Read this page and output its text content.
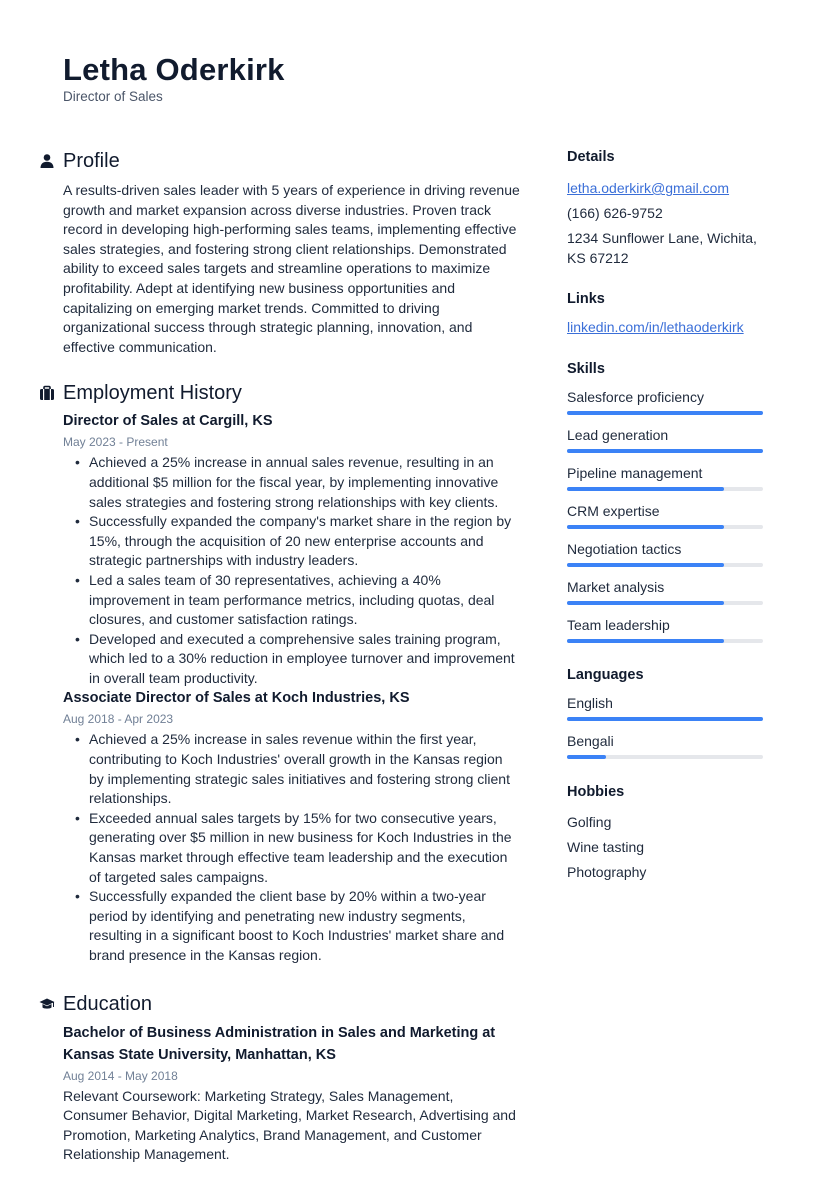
Letha Oderkirk
Director of Sales
Profile
A results-driven sales leader with 5 years of experience in driving revenue growth and market expansion across diverse industries. Proven track record in developing high-performing sales teams, implementing effective sales strategies, and fostering strong client relationships. Demonstrated ability to exceed sales targets and streamline operations to maximize profitability. Adept at identifying new business opportunities and capitalizing on emerging market trends. Committed to driving organizational success through strategic planning, innovation, and effective communication.
Employment History
Director of Sales at Cargill, KS
May 2023 - Present
• Achieved a 25% increase in annual sales revenue, resulting in an additional $5 million for the fiscal year, by implementing innovative sales strategies and fostering strong relationships with key clients.
• Successfully expanded the company's market share in the region by 15%, through the acquisition of 20 new enterprise accounts and strategic partnerships with industry leaders.
• Led a sales team of 30 representatives, achieving a 40% improvement in team performance metrics, including quotas, deal closures, and customer satisfaction ratings.
• Developed and executed a comprehensive sales training program, which led to a 30% reduction in employee turnover and improvement in overall team productivity.
Associate Director of Sales at Koch Industries, KS
Aug 2018 - Apr 2023
• Achieved a 25% increase in sales revenue within the first year, contributing to Koch Industries' overall growth in the Kansas region by implementing strategic sales initiatives and fostering strong client relationships.
• Exceeded annual sales targets by 15% for two consecutive years, generating over $5 million in new business for Koch Industries in the Kansas market through effective team leadership and the execution of targeted sales campaigns.
• Successfully expanded the client base by 20% within a two-year period by identifying and penetrating new industry segments, resulting in a significant boost to Koch Industries' market share and brand presence in the Kansas region.
Education
Bachelor of Business Administration in Sales and Marketing at Kansas State University, Manhattan, KS
Aug 2014 - May 2018
Relevant Coursework: Marketing Strategy, Sales Management, Consumer Behavior, Digital Marketing, Market Research, Advertising and Promotion, Marketing Analytics, Brand Management, and Customer Relationship Management.
Details
letha.oderkirk@gmail.com
(166) 626-9752
1234 Sunflower Lane, Wichita, KS 67212
Links
linkedin.com/in/lethaoderkirk
Skills
Salesforce proficiency
Lead generation
Pipeline management
CRM expertise
Negotiation tactics
Market analysis
Team leadership
Languages
English
Bengali
Hobbies
Golfing
Wine tasting
Photography
